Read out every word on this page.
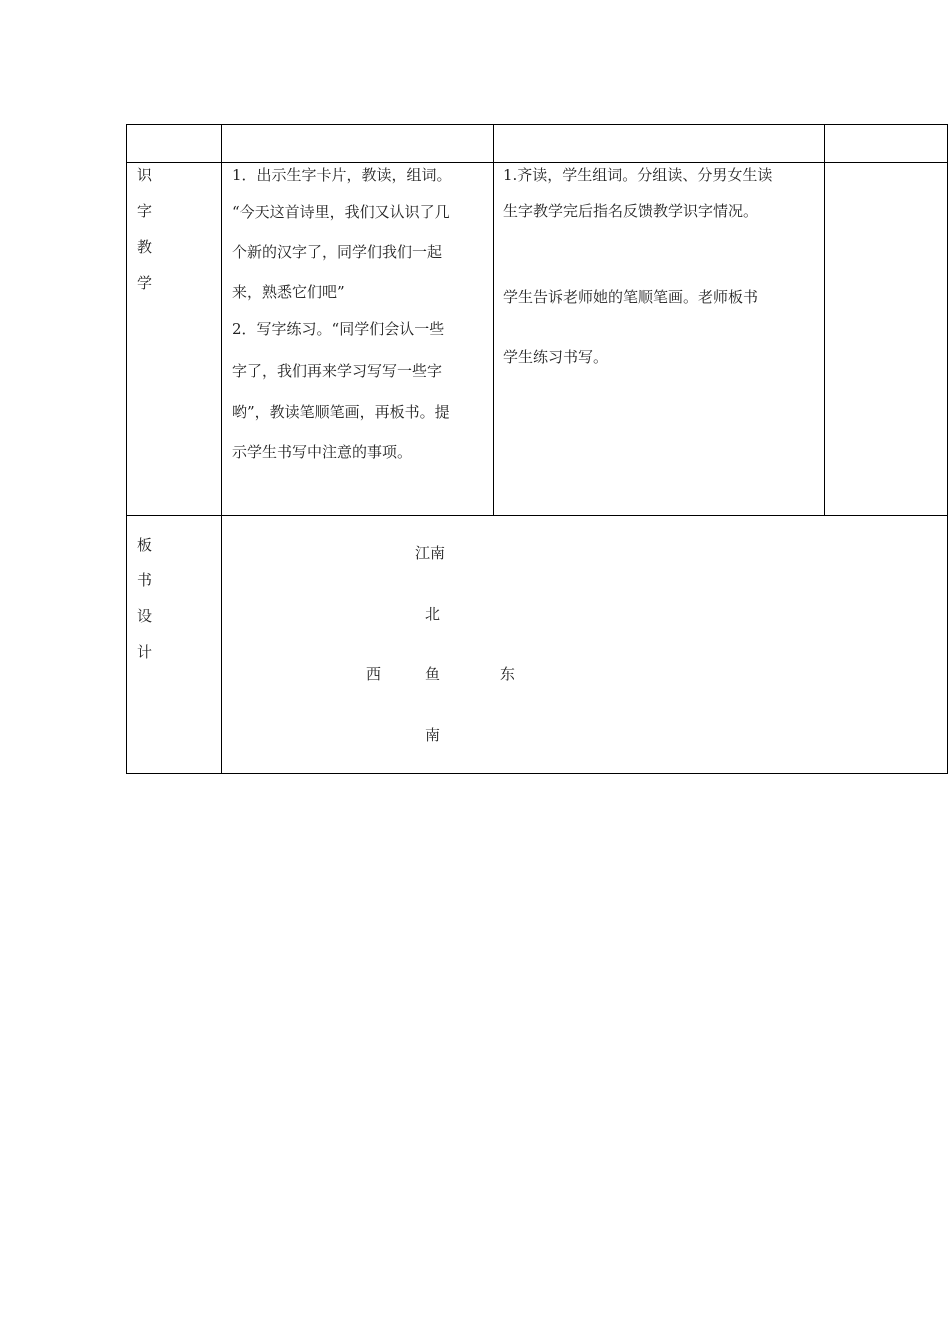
识
字
教
学
1．出示生字卡片，教读，组词。
“今天这首诗里，我们又认识了几
个新的汉字了，同学们我们一起
来，熟悉它们吧”
2．写字练习。“同学们会认一些
字了，我们再来学习写写一些字
哟”，教读笔顺笔画，再板书。提
示学生书写中注意的事项。
1.齐读，学生组词。分组读、分男女生读
生字教学完后指名反馈教学识字情况。
学生告诉老师她的笔顺笔画。老师板书
学生练习书写。
板
书
设
计
江南
北
西	鱼	东
南
